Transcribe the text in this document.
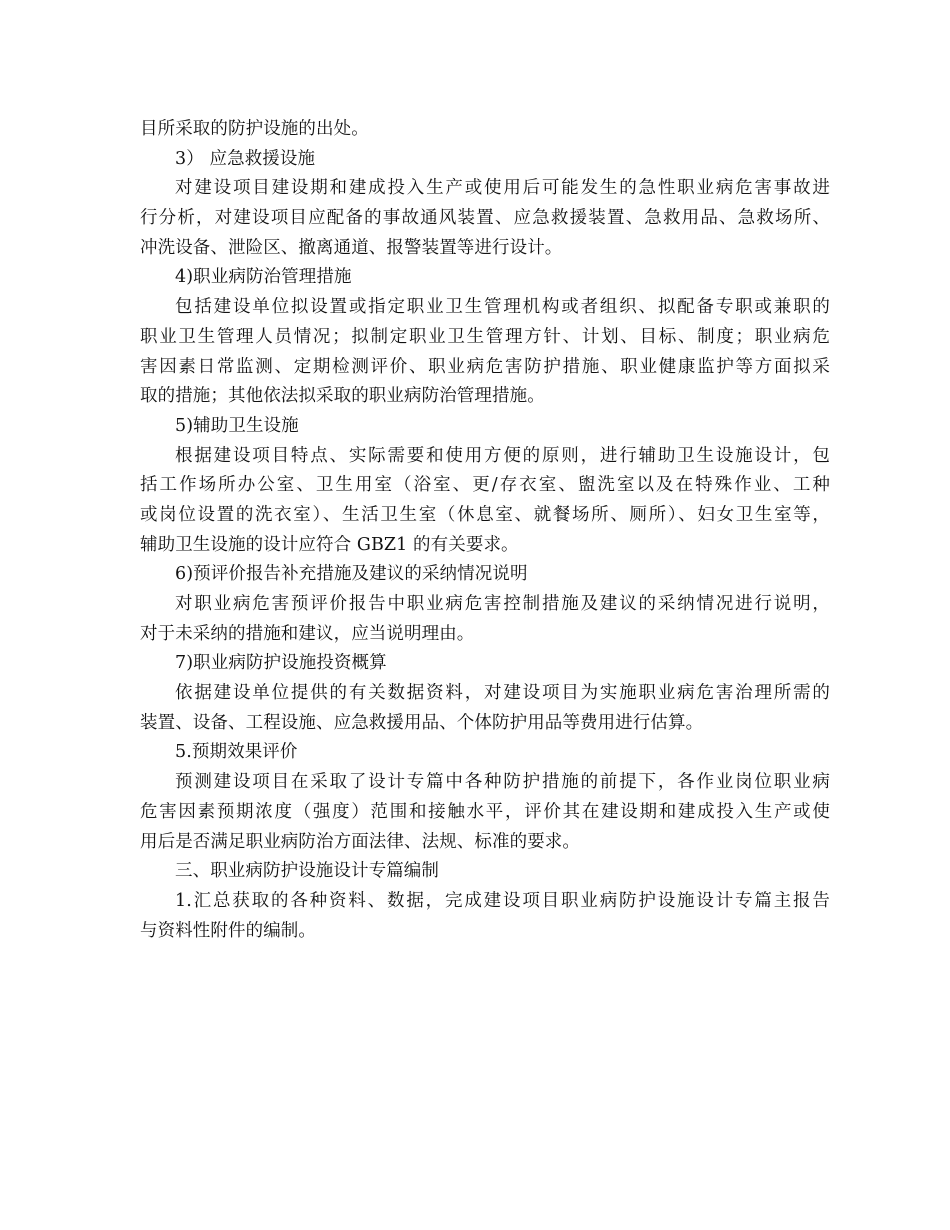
目所采取的防护设施的出处。
3） 应急救援设施
对建设项目建设期和建成投入生产或使用后可能发生的急性职业病危害事故进
行分析，对建设项目应配备的事故通风装置、应急救援装置、急救用品、急救场所、
冲洗设备、泄险区、撤离通道、报警装置等进行设计。
4)职业病防治管理措施
包括建设单位拟设置或指定职业卫生管理机构或者组织、拟配备专职或兼职的
职业卫生管理人员情况；拟制定职业卫生管理方针、计划、目标、制度；职业病危
害因素日常监测、定期检测评价、职业病危害防护措施、职业健康监护等方面拟采
取的措施；其他依法拟采取的职业病防治管理措施。
5)辅助卫生设施
根据建设项目特点、实际需要和使用方便的原则，进行辅助卫生设施设计，包
括工作场所办公室、卫生用室（浴室、更/存衣室、盥洗室以及在特殊作业、工种
或岗位设置的洗衣室）、生活卫生室（休息室、就餐场所、厕所）、妇女卫生室等，
辅助卫生设施的设计应符合 GBZ1 的有关要求。
6)预评价报告补充措施及建议的采纳情况说明
对职业病危害预评价报告中职业病危害控制措施及建议的采纳情况进行说明，
对于未采纳的措施和建议，应当说明理由。
7)职业病防护设施投资概算
依据建设单位提供的有关数据资料，对建设项目为实施职业病危害治理所需的
装置、设备、工程设施、应急救援用品、个体防护用品等费用进行估算。
5.预期效果评价
预测建设项目在采取了设计专篇中各种防护措施的前提下，各作业岗位职业病
危害因素预期浓度（强度）范围和接触水平，评价其在建设期和建成投入生产或使
用后是否满足职业病防治方面法律、法规、标准的要求。
三、职业病防护设施设计专篇编制
1.汇总获取的各种资料、数据，完成建设项目职业病防护设施设计专篇主报告
与资料性附件的编制。
